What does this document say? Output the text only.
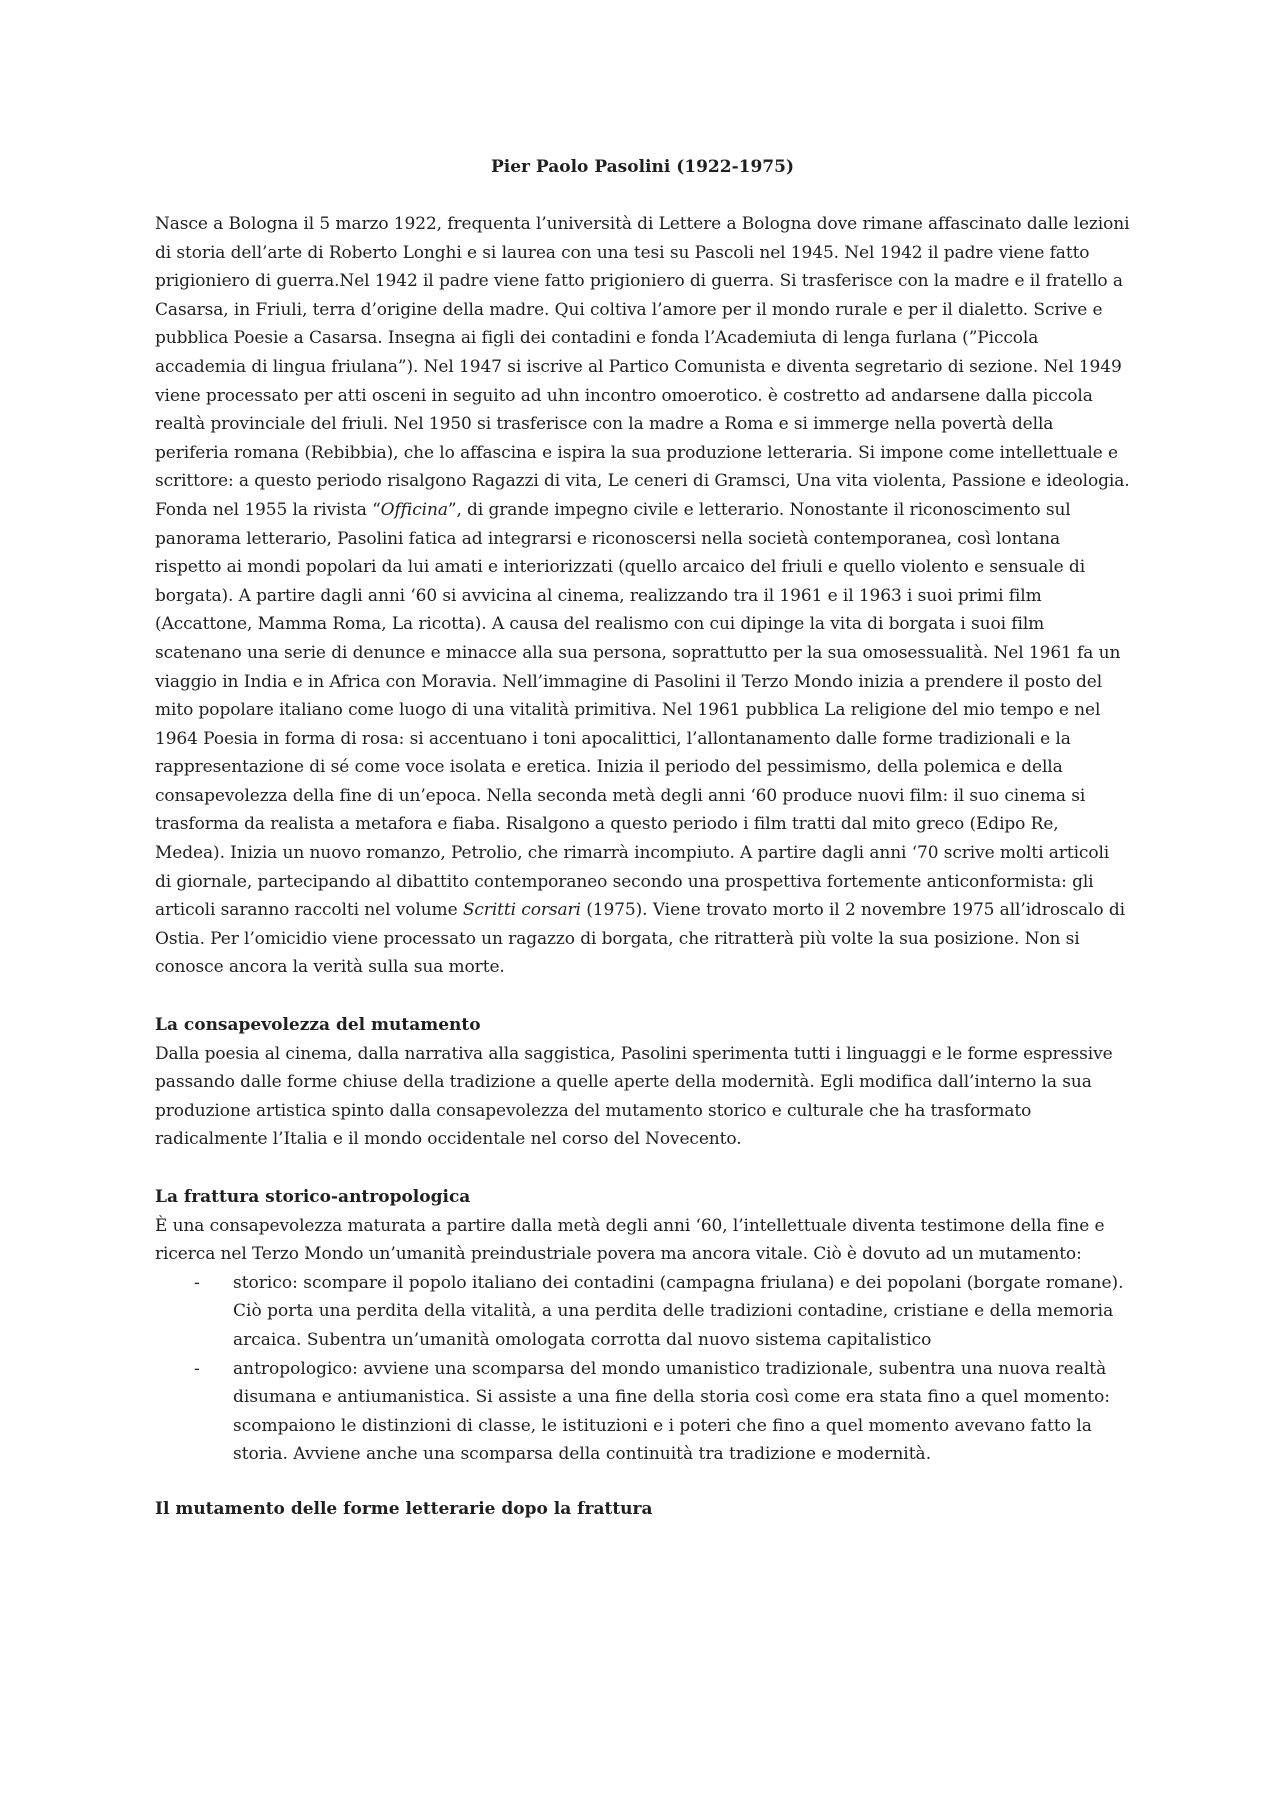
Pier Paolo Pasolini (1922-1975)

Nasce a Bologna il 5 marzo 1922, frequenta l’università di Lettere a Bologna dove rimane affascinato dalle lezioni di storia dell’arte di Roberto Longhi e si laurea con una tesi su Pascoli nel 1945. Nel 1942 il padre viene fatto prigioniero di guerra.Nel 1942 il padre viene fatto prigioniero di guerra. Si trasferisce con la madre e il fratello a Casarsa, in Friuli, terra d’origine della madre. Qui coltiva l’amore per il mondo rurale e per il dialetto. Scrive e pubblica Poesie a Casarsa. Insegna ai figli dei contadini e fonda l’Academiuta di lenga furlana (”Piccola accademia di lingua friulana”). Nel 1947 si iscrive al Partico Comunista e diventa segretario di sezione. Nel 1949 viene processato per atti osceni in seguito ad uhn incontro omoerotico. è costretto ad andarsene dalla piccola realtà provinciale del friuli. Nel 1950 si trasferisce con la madre a Roma e si immerge nella povertà della periferia romana (Rebibbia), che lo affascina e ispira la sua produzione letteraria. Si impone come intellettuale e scrittore: a questo periodo risalgono Ragazzi di vita, Le ceneri di Gramsci, Una vita violenta, Passione e ideologia. Fonda nel 1955 la rivista “Officina”, di grande impegno civile e letterario. Nonostante il riconoscimento sul panorama letterario, Pasolini fatica ad integrarsi e riconoscersi nella società contemporanea, così lontana rispetto ai mondi popolari da lui amati e interiorizzati (quello arcaico del friuli e quello violento e sensuale di borgata). A partire dagli anni ‘60 si avvicina al cinema, realizzando tra il 1961 e il 1963 i suoi primi film (Accattone, Mamma Roma, La ricotta). A causa del realismo con cui dipinge la vita di borgata i suoi film scatenano una serie di denunce e minacce alla sua persona, soprattutto per la sua omosessualità. Nel 1961 fa un viaggio in India e in Africa con Moravia. Nell’immagine di Pasolini il Terzo Mondo inizia a prendere il posto del mito popolare italiano come luogo di una vitalità primitiva. Nel 1961 pubblica La religione del mio tempo e nel 1964 Poesia in forma di rosa: si accentuano i toni apocalittici, l’allontanamento dalle forme tradizionali e la rappresentazione di sé come voce isolata e eretica. Inizia il periodo del pessimismo, della polemica e della consapevolezza della fine di un’epoca. Nella seconda metà degli anni ‘60 produce nuovi film: il suo cinema si trasforma da realista a metafora e fiaba. Risalgono a questo periodo i film tratti dal mito greco (Edipo Re, Medea). Inizia un nuovo romanzo, Petrolio, che rimarrà incompiuto. A partire dagli anni ‘70 scrive molti articoli di giornale, partecipando al dibattito contemporaneo secondo una prospettiva fortemente anticonformista: gli articoli saranno raccolti nel volume Scritti corsari (1975). Viene trovato morto il 2 novembre 1975 all’idroscalo di Ostia. Per l’omicidio viene processato un ragazzo di borgata, che ritratterà più volte la sua posizione. Non si conosce ancora la verità sulla sua morte.

La consapevolezza del mutamento

Dalla poesia al cinema, dalla narrativa alla saggistica, Pasolini sperimenta tutti i linguaggi e le forme espressive passando dalle forme chiuse della tradizione a quelle aperte della modernità. Egli modifica dall’interno la sua produzione artistica spinto dalla consapevolezza del mutamento storico e culturale che ha trasformato radicalmente l’Italia e il mondo occidentale nel corso del Novecento.

La frattura storico-antropologica

È una consapevolezza maturata a partire dalla metà degli anni ‘60, l’intellettuale diventa testimone della fine e ricerca nel Terzo Mondo un’umanità preindustriale povera ma ancora vitale. Ciò è dovuto ad un mutamento:

- storico: scompare il popolo italiano dei contadini (campagna friulana) e dei popolani (borgate romane). Ciò porta una perdita della vitalità, a una perdita delle tradizioni contadine, cristiane e della memoria arcaica. Subentra un’umanità omologata corrotta dal nuovo sistema capitalistico
- antropologico: avviene una scomparsa del mondo umanistico tradizionale, subentra una nuova realtà disumana e antiumanistica. Si assiste a una fine della storia così come era stata fino a quel momento: scompaiono le distinzioni di classe, le istituzioni e i poteri che fino a quel momento avevano fatto la storia. Avviene anche una scomparsa della continuità tra tradizione e modernità.
Il mutamento delle forme letterarie dopo la frattura
